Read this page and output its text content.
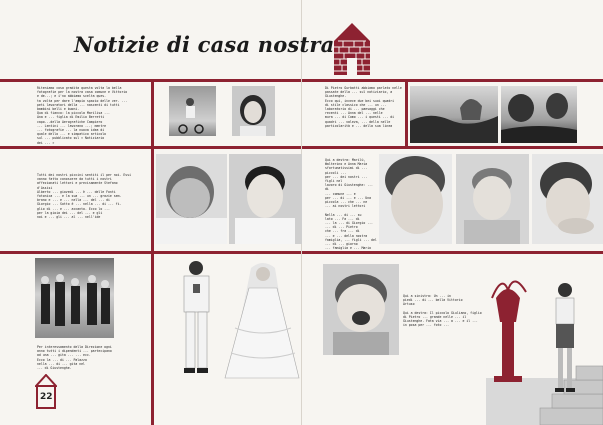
Notizie di casa nostra
Riteniamo cosa graditа questa volta la bella
fotografie per la nostra casa comune e Vittorio
e de...; e i'no abbiamo scelta ques-
ta volta per dare l'ampio spazio delle ver- ...
peti lavoratori della ... nascenti di tutti
bambini belli e buoni.
Qua di fianco: la piccola Marilisa ...
Ana e ... figlia di Emilio Berretti
capo...della Aerografiche Campiero
... Lentini ... lavorano ...; mentre
... fotografie ... la nuova idea di
quale dello ... e simpatico articolo
sul ... pubblicato sul « Notiziario
dei ... »
Di Pietro Gurbatti abbiamo parlato nelle
passate della ... sul notiziario, a Giustenghe.
Ecco qui, invece due bei suoi quadri
di stile classico che ... un ...
laboratorio di ... paesaggi che
recenti ... Anna del ... nelle
mura ... di Como ... i questi ... di
quadri ... valeva, ... della nelle
particolarità e ... della sua linea
Tutti dei nostri piccini sentiti il per noi. Essi
vanno fatto conoscere da tutti i nostri
affezionati lettori e precisamente Stefano
d'Assisi
Alberto ... giovedì ... è ... delle Fonti
fotonica ... e la sua ... un ... grazie sem-
brano e ... e ... nella ... del ... di
Giorgio ... Sotto è ... nella ... di ... fi-
glio di ... e ... accanto. Ecco lo ...
per la gioia dei ... del ... e gli
noi e ... gli ... al ... nell'ide
Qui a destra: Marilù, Walterino e Anna Maria
sfortunatissimi di ... piccoli ...
per ... dei nostri ... figli nel
lavoro di Giustenghe: ... di
... comune ... e
per ... di ... e ... Una
piccola ... che ... ne
... ai nostri lettori

Nella ... di ... su
lato ... Fa ... di
... la ... di Giorgio ...
... di ... Pietro
che ... fra ... di
... e ... della nostra
famiglia, ... figli ... del
... di ... giorno
... famiglia e ... Mario
Per interessamento della Direzione ogni
anno tutti i dipendenti ... partecipano
ad una ... gita ... ... ecc.
Ecco la ... di ... Palazzo
nella ... di ... gita nel
... di Giustenghe.
Qui a sinistra: Un ... in
piedi ... di ... bella Vittorio
Artuso

Qui a destra: Il piccolo Giuliano, figlio
di Pietro ... grande nelle ... il
Giustenghe. Fata via ... a ... e il ...
in posa per ... foto ...
22
